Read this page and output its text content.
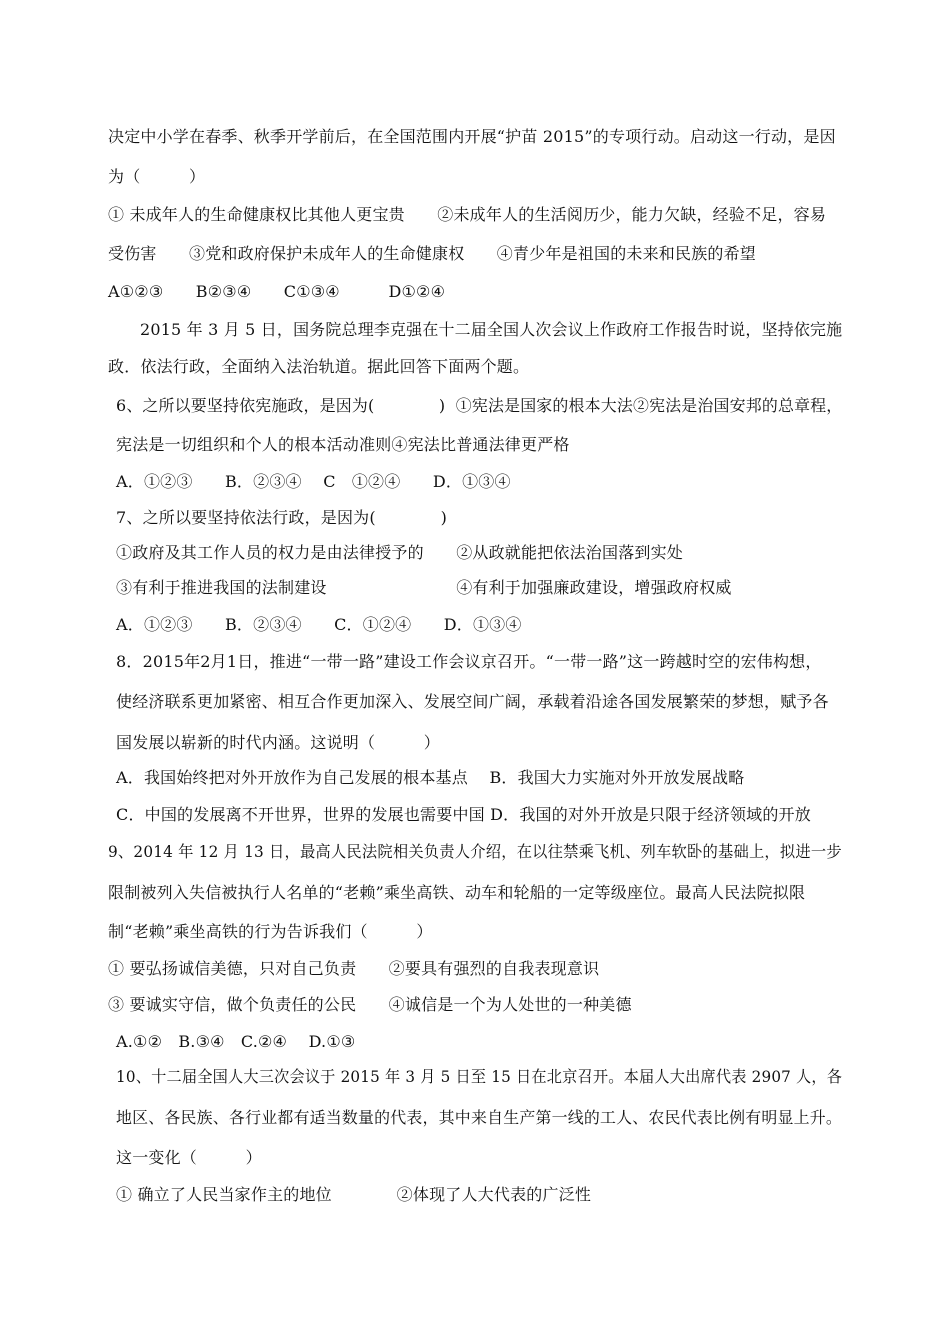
决定中小学在春季、秋季开学前后，在全国范围内开展“护苗 2015”的专项行动。启动这一行动，是因
为（　　　）
① 未成年人的生命健康权比其他人更宝贵　　②未成年人的生活阅历少，能力欠缺，经验不足，容易
受伤害　　③党和政府保护未成年人的生命健康权　　④青少年是祖国的未来和民族的希望
A①②③　　B②③④　　C①③④　　　D①②④
2015 年 3 月 5 日，国务院总理李克强在十二届全国人次会议上作政府工作报告时说，坚持依完施
政．依法行政，全面纳入法治轨道。据此回答下面两个题。
6、之所以要坚持依宪施政，是因为(　　　　)  ①宪法是国家的根本大法②宪法是治国安邦的总章程，
宪法是一切组织和个人的根本活动准则④宪法比普通法律更严格
A．①②③　　B．②③④　 C　①②④　　D．①③④
7、之所以要坚持依法行政，是因为(　　　　)
①政府及其工作人员的权力是由法律授予的　　②从政就能把依法治国落到实处
③有利于推进我国的法制建设　　　　　　　　④有利于加强廉政建设，增强政府权威
A．①②③　　B．②③④　　C．①②④　　D．①③④
8．2015年2月1日，推进“一带一路”建设工作会议京召开。“一带一路”这一跨越时空的宏伟构想，
使经济联系更加紧密、相互合作更加深入、发展空间广阔，承载着沿途各国发展繁荣的梦想，赋予各
国发展以崭新的时代内涵。这说明（　　　）
A．我国始终把对外开放作为自己发展的根本基点　 B．我国大力实施对外开放发展战略
C．中国的发展离不开世界，世界的发展也需要中国 D．我国的对外开放是只限于经济领域的开放
9、2014 年 12 月 13 日，最高人民法院相关负责人介绍，在以往禁乘飞机、列车软卧的基础上，拟进一步
限制被列入失信被执行人名单的“老赖”乘坐高铁、动车和轮船的一定等级座位。最高人民法院拟限
制“老赖”乘坐高铁的行为告诉我们（　　　）
① 要弘扬诚信美德，只对自己负责　　②要具有强烈的自我表现意识
③ 要诚实守信，做个负责任的公民　　④诚信是一个为人处世的一种美德
A.①②　B.③④　C.②④　 D.①③
10、十二届全国人大三次会议于 2015 年 3 月 5 日至 15 日在北京召开。本届人大出席代表 2907 人，各
地区、各民族、各行业都有适当数量的代表，其中来自生产第一线的工人、农民代表比例有明显上升。
这一变化（　　　）
① 确立了人民当家作主的地位　　　　②体现了人大代表的广泛性
